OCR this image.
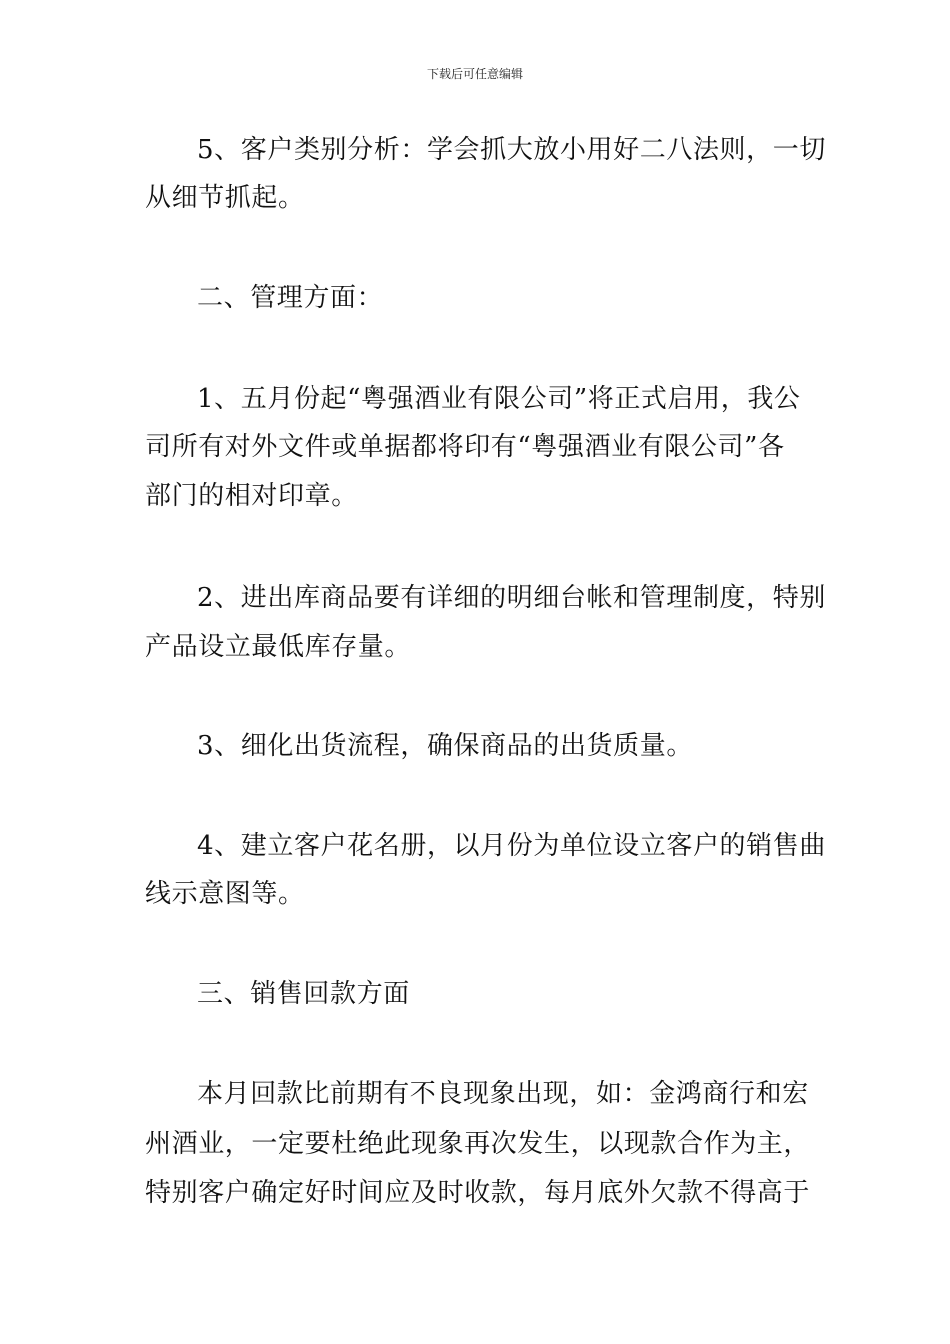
下载后可任意编辑
5、客户类别分析：学会抓大放小用好二八法则，一切
从细节抓起。
二、管理方面：
1、五月份起“粤强酒业有限公司”将正式启用，我公
司所有对外文件或单据都将印有“粤强酒业有限公司”各
部门的相对印章。
2、进出库商品要有详细的明细台帐和管理制度，特别
产品设立最低库存量。
3、细化出货流程，确保商品的出货质量。
4、建立客户花名册，以月份为单位设立客户的销售曲
线示意图等。
三、销售回款方面
本月回款比前期有不良现象出现，如：金鸿商行和宏
州酒业，一定要杜绝此现象再次发生，以现款合作为主，
特别客户确定好时间应及时收款，每月底外欠款不得高于
